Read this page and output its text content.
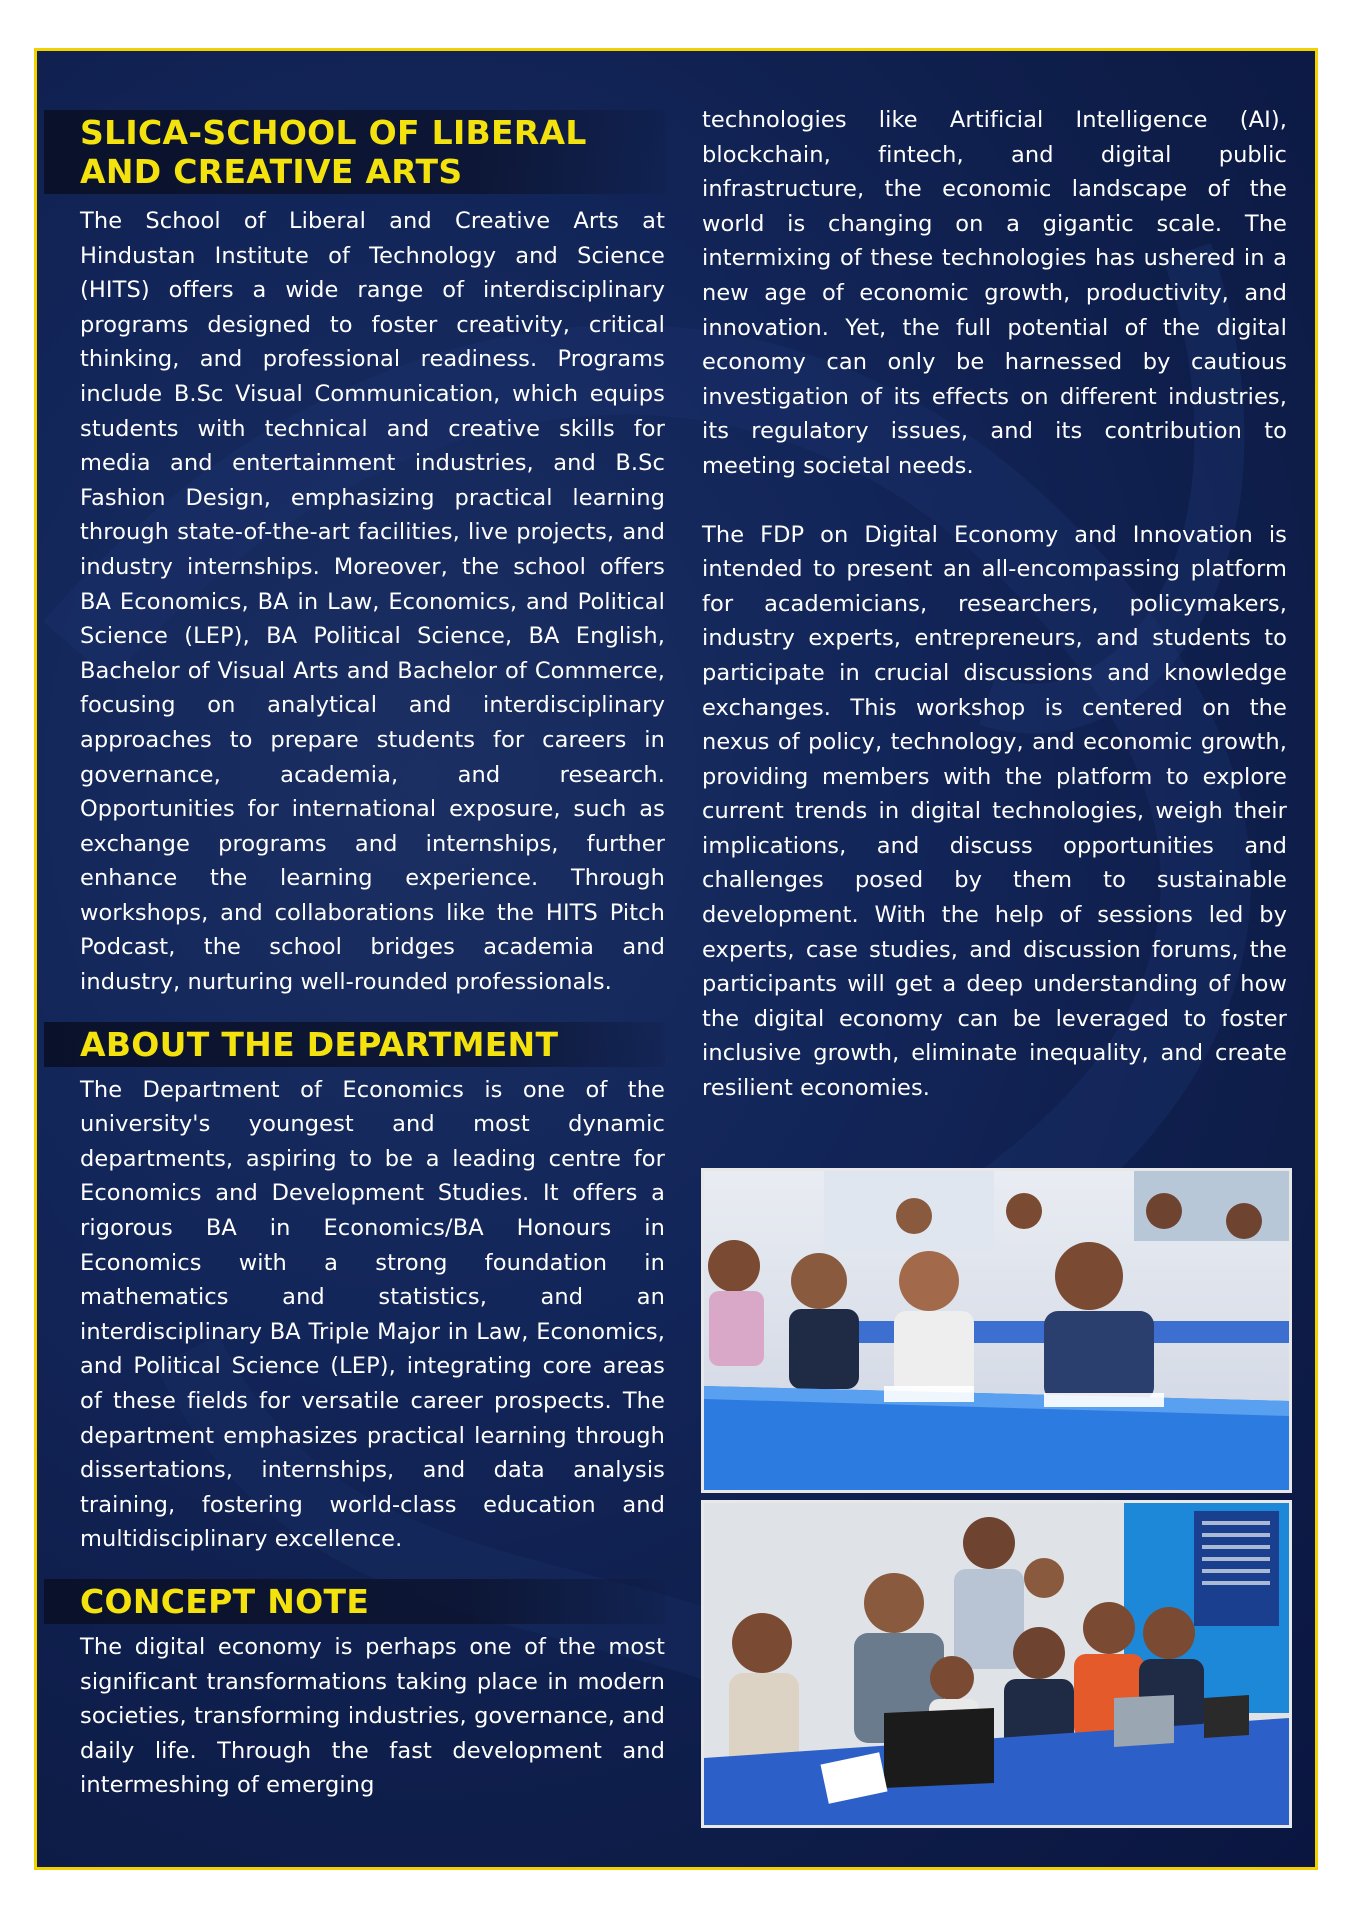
SLICA-SCHOOL OF LIBERAL AND CREATIVE ARTS

The School of Liberal and Creative Arts at Hindustan Institute of Technology and Science (HITS) offers a wide range of interdisciplinary programs designed to foster creativity, critical thinking, and professional readiness. Programs include B.Sc Visual Communication, which equips students with technical and creative skills for media and entertainment industries, and B.Sc Fashion Design, emphasizing practical learning through state-of-the-art facilities, live projects, and industry internships. Moreover, the school offers BA Economics, BA in Law, Economics, and Political Science (LEP), BA Political Science, BA English, Bachelor of Visual Arts and Bachelor of Commerce, focusing on analytical and interdisciplinary approaches to prepare students for careers in governance, academia, and research. Opportunities for international exposure, such as exchange programs and internships, further enhance the learning experience. Through workshops, and collaborations like the HITS Pitch Podcast, the school bridges academia and industry, nurturing well-rounded professionals.

ABOUT THE DEPARTMENT

The Department of Economics is one of the university's youngest and most dynamic departments, aspiring to be a leading centre for Economics and Development Studies. It offers a rigorous BA in Economics/BA Honours in Economics with a strong foundation in mathematics and statistics, and an interdisciplinary BA Triple Major in Law, Economics, and Political Science (LEP), integrating core areas of these fields for versatile career prospects. The department emphasizes practical learning through dissertations, internships, and data analysis training, fostering world-class education and multidisciplinary excellence.

CONCEPT NOTE

The digital economy is perhaps one of the most significant transformations taking place in modern societies, transforming industries, governance, and daily life. Through the fast development and intermeshing of emerging

technologies like Artificial Intelligence (AI), blockchain, fintech, and digital public infrastructure, the economic landscape of the world is changing on a gigantic scale. The intermixing of these technologies has ushered in a new age of economic growth, productivity, and innovation. Yet, the full potential of the digital economy can only be harnessed by cautious investigation of its effects on different industries, its regulatory issues, and its contribution to meeting societal needs.

The FDP on Digital Economy and Innovation is intended to present an all-encompassing platform for academicians, researchers, policymakers, industry experts, entrepreneurs, and students to participate in crucial discussions and knowledge exchanges. This workshop is centered on the nexus of policy, technology, and economic growth, providing members with the platform to explore current trends in digital technologies, weigh their implications, and discuss opportunities and challenges posed by them to sustainable development. With the help of sessions led by experts, case studies, and discussion forums, the participants will get a deep understanding of how the digital economy can be leveraged to foster inclusive growth, eliminate inequality, and create resilient economies.
